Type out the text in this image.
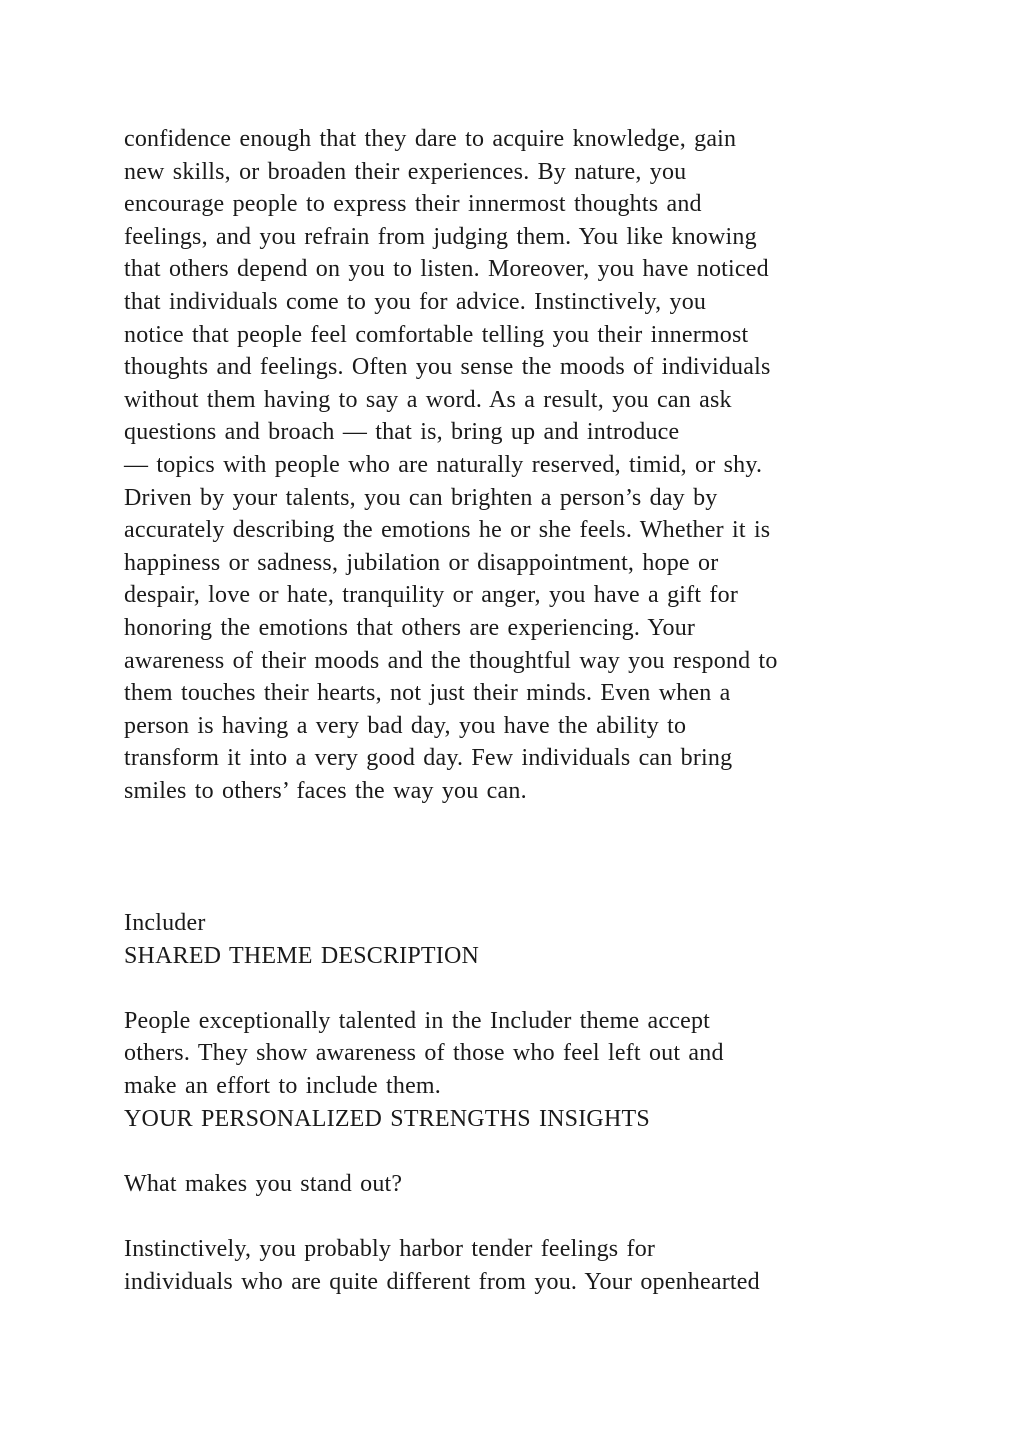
confidence enough that they dare to acquire knowledge, gain
new skills, or broaden their experiences. By nature, you
encourage people to express their innermost thoughts and
feelings, and you refrain from judging them. You like knowing
that others depend on you to listen. Moreover, you have noticed
that individuals come to you for advice. Instinctively, you
notice that people feel comfortable telling you their innermost
thoughts and feelings. Often you sense the moods of individuals
without them having to say a word. As a result, you can ask
questions and broach — that is, bring up and introduce
— topics with people who are naturally reserved, timid, or shy.
Driven by your talents, you can brighten a person’s day by
accurately describing the emotions he or she feels. Whether it is
happiness or sadness, jubilation or disappointment, hope or
despair, love or hate, tranquility or anger, you have a gift for
honoring the emotions that others are experiencing. Your
awareness of their moods and the thoughtful way you respond to
them touches their hearts, not just their minds. Even when a
person is having a very bad day, you have the ability to
transform it into a very good day. Few individuals can bring
smiles to others’ faces the way you can.
Includer
SHARED THEME DESCRIPTION
People exceptionally talented in the Includer theme accept
others. They show awareness of those who feel left out and
make an effort to include them.
YOUR PERSONALIZED STRENGTHS INSIGHTS
What makes you stand out?
Instinctively, you probably harbor tender feelings for
individuals who are quite different from you. Your openhearted
